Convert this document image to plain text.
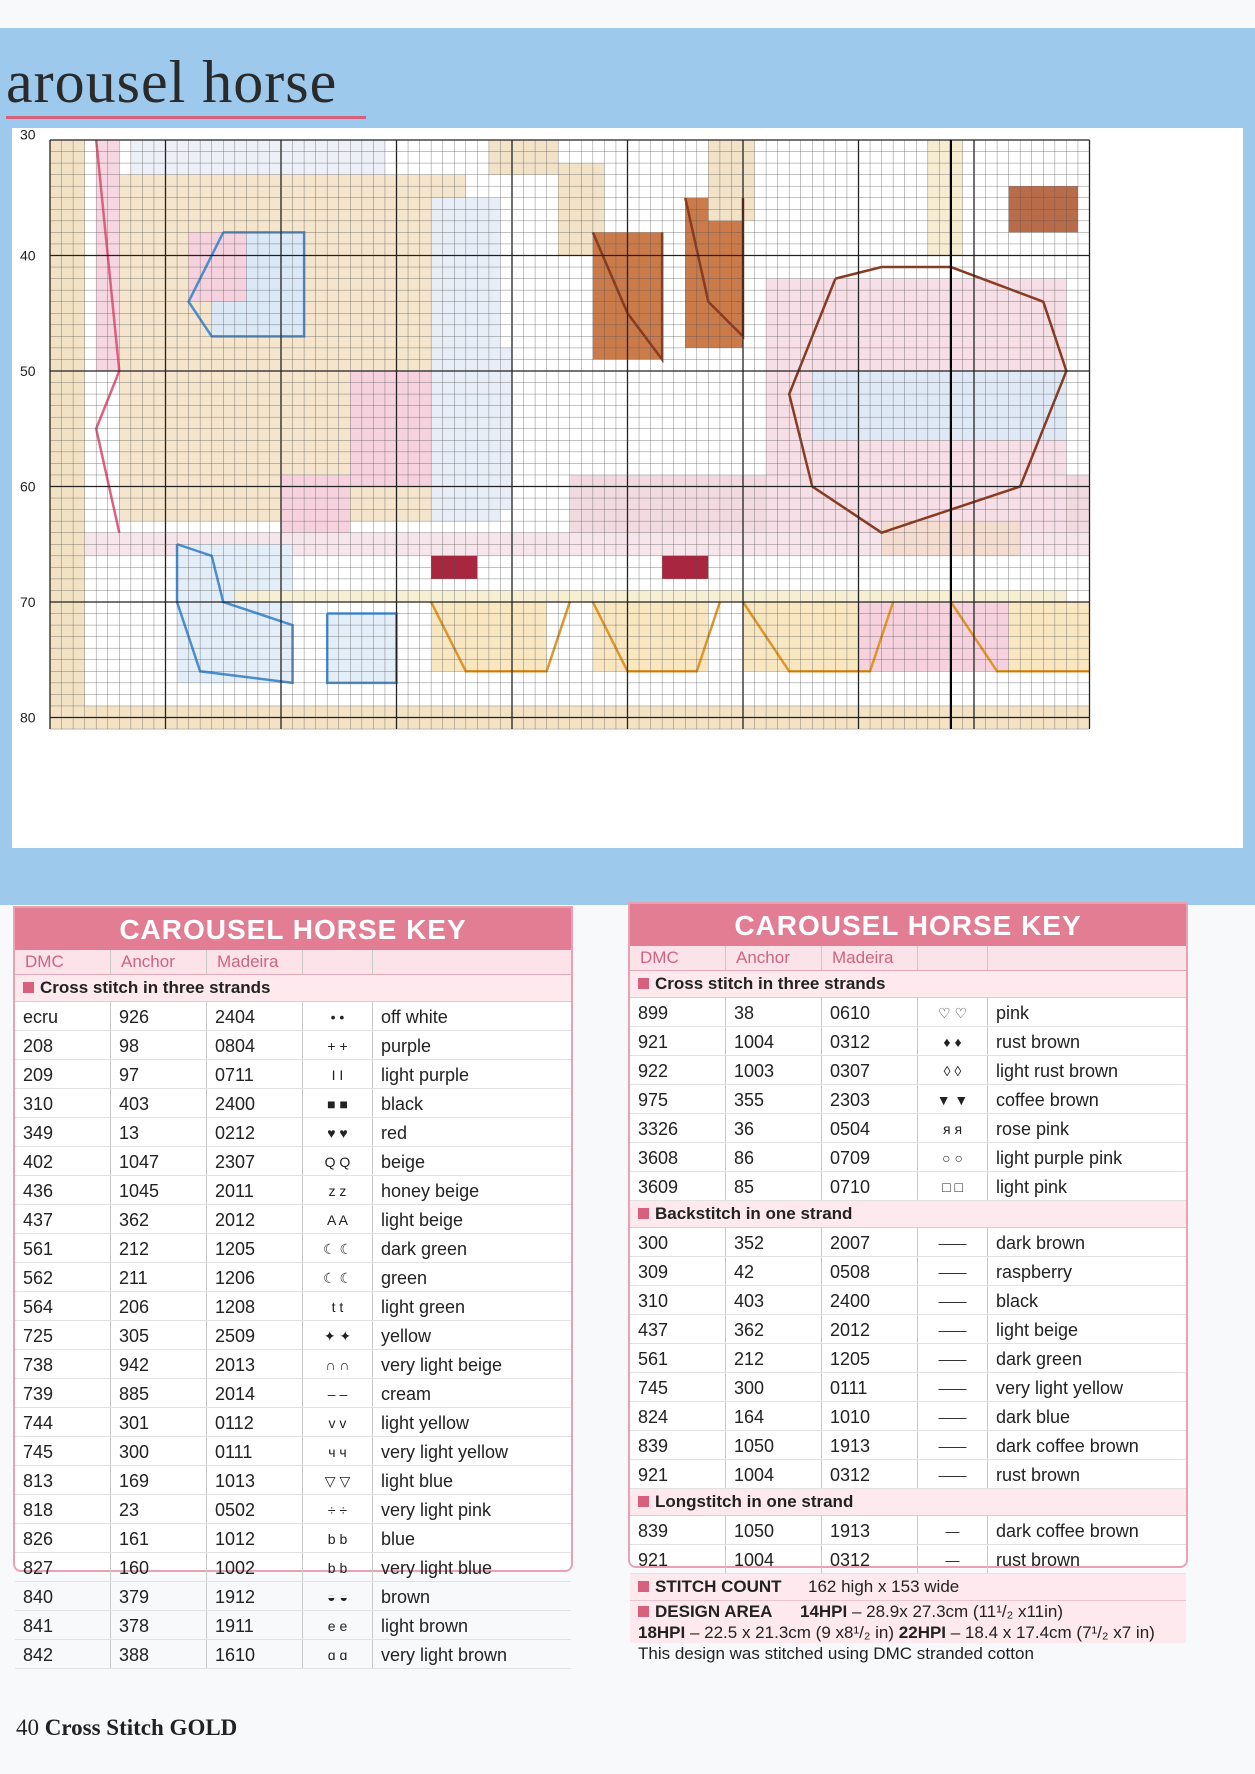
arousel horse
30
40
50
60
70
80
CAROUSEL HORSE KEY
DMC	Anchor	Madeira
Cross stitch in three strands
ecru	926	2404	• •	off white
208	98	0804	+ +	purple
209	97	0711	I I	light purple
310	403	2400	■ ■	black
349	13	0212	♥ ♥	red
402	1047	2307	Q Q	beige
436	1045	2011	z z	honey beige
437	362	2012	A A	light beige
561	212	1205	☾ ☾	dark green
562	211	1206	☾ ☾	green
564	206	1208	t t	light green
725	305	2509	✦ ✦	yellow
738	942	2013	∩ ∩	very light beige
739	885	2014	– –	cream
744	301	0112	v v	light yellow
745	300	0111	ч ч	very light yellow
813	169	1013	▽ ▽	light blue
818	23	0502	÷ ÷	very light pink
826	161	1012	b b	blue
827	160	1002	b b	very light blue
840	379	1912	◒ ◒	brown
841	378	1911	e e	light brown
842	388	1610	ɑ ɑ	very light brown
CAROUSEL HORSE KEY
DMC	Anchor	Madeira
Cross stitch in three strands
899	38	0610	♡ ♡	pink
921	1004	0312	♦ ♦	rust brown
922	1003	0307	◊ ◊	light rust brown
975	355	2303	▼ ▼	coffee brown
3326	36	0504	я я	rose pink
3608	86	0709	○ ○	light purple pink
3609	85	0710	□ □	light pink
Backstitch in one strand
300	352	2007	——	dark brown
309	42	0508	——	raspberry
310	403	2400	——	black
437	362	2012	——	light beige
561	212	1205	——	dark green
745	300	0111	——	very light yellow
824	164	1010	——	dark blue
839	1050	1913	——	dark coffee brown
921	1004	0312	——	rust brown
Longstitch in one strand
839	1050	1913	—	dark coffee brown
921	1004	0312	—	rust brown
STITCH COUNT	162 high x 153 wide
DESIGN AREA 14HPI – 28.9x 27.3cm (11¹/₂ x11in)
18HPI – 22.5 x 21.3cm (9 x8¹/₂ in) 22HPI – 18.4 x 17.4cm (7¹/₂ x7 in)
This design was stitched using DMC stranded cotton
40 Cross Stitch GOLD
